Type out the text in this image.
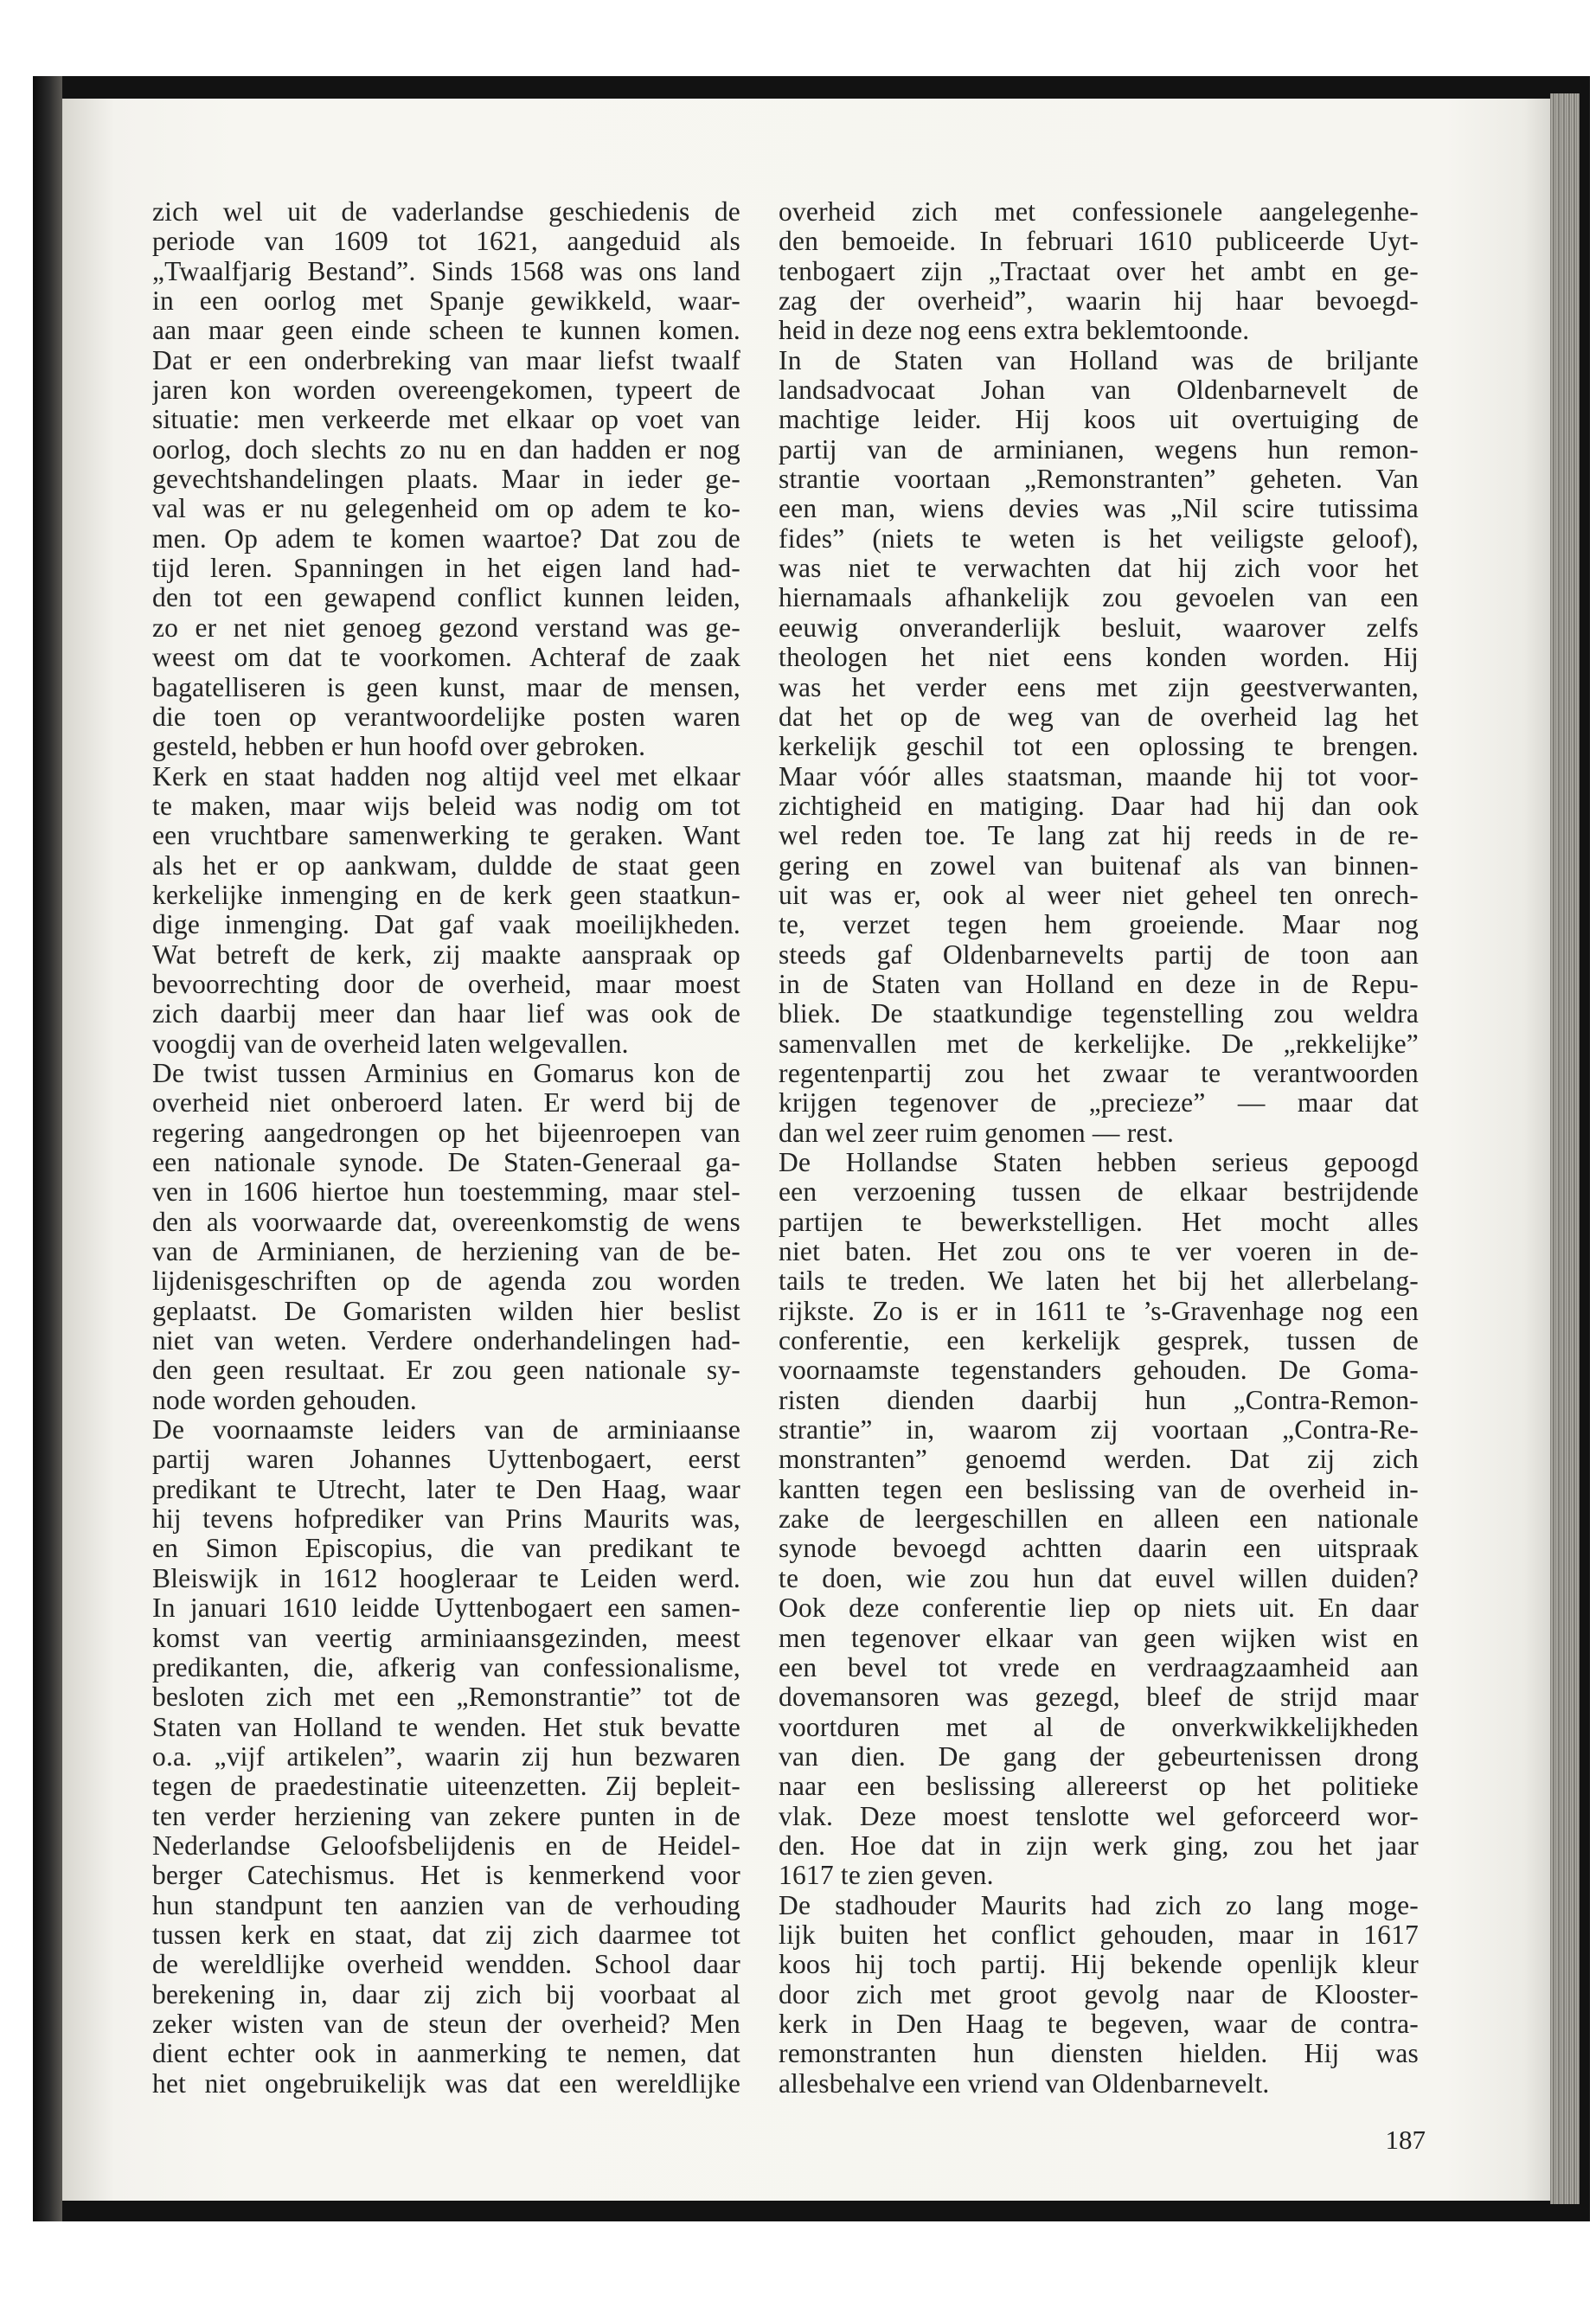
zich wel uit de vaderlandse geschiedenis de
periode van 1609 tot 1621, aangeduid als
„Twaalfjarig Bestand”. Sinds 1568 was ons land
in een oorlog met Spanje gewikkeld, waar-
aan maar geen einde scheen te kunnen komen.
Dat er een onderbreking van maar liefst twaalf
jaren kon worden overeengekomen, typeert de
situatie: men verkeerde met elkaar op voet van
oorlog, doch slechts zo nu en dan hadden er nog
gevechtshandelingen plaats. Maar in ieder ge-
val was er nu gelegenheid om op adem te ko-
men. Op adem te komen waartoe? Dat zou de
tijd leren. Spanningen in het eigen land had-
den tot een gewapend conflict kunnen leiden,
zo er net niet genoeg gezond verstand was ge-
weest om dat te voorkomen. Achteraf de zaak
bagatelliseren is geen kunst, maar de mensen,
die toen op verantwoordelijke posten waren
gesteld, hebben er hun hoofd over gebroken.
Kerk en staat hadden nog altijd veel met elkaar
te maken, maar wijs beleid was nodig om tot
een vruchtbare samenwerking te geraken. Want
als het er op aankwam, duldde de staat geen
kerkelijke inmenging en de kerk geen staatkun-
dige inmenging. Dat gaf vaak moeilijkheden.
Wat betreft de kerk, zij maakte aanspraak op
bevoorrechting door de overheid, maar moest
zich daarbij meer dan haar lief was ook de
voogdij van de overheid laten welgevallen.
De twist tussen Arminius en Gomarus kon de
overheid niet onberoerd laten. Er werd bij de
regering aangedrongen op het bijeenroepen van
een nationale synode. De Staten-Generaal ga-
ven in 1606 hiertoe hun toestemming, maar stel-
den als voorwaarde dat, overeenkomstig de wens
van de Arminianen, de herziening van de be-
lijdenisgeschriften op de agenda zou worden
geplaatst. De Gomaristen wilden hier beslist
niet van weten. Verdere onderhandelingen had-
den geen resultaat. Er zou geen nationale sy-
node worden gehouden.
De voornaamste leiders van de arminiaanse
partij waren Johannes Uyttenbogaert, eerst
predikant te Utrecht, later te Den Haag, waar
hij tevens hofprediker van Prins Maurits was,
en Simon Episcopius, die van predikant te
Bleiswijk in 1612 hoogleraar te Leiden werd.
In januari 1610 leidde Uyttenbogaert een samen-
komst van veertig arminiaansgezinden, meest
predikanten, die, afkerig van confessionalisme,
besloten zich met een „Remonstrantie” tot de
Staten van Holland te wenden. Het stuk bevatte
o.a. „vijf artikelen”, waarin zij hun bezwaren
tegen de praedestinatie uiteenzetten. Zij bepleit-
ten verder herziening van zekere punten in de
Nederlandse Geloofsbelijdenis en de Heidel-
berger Catechismus. Het is kenmerkend voor
hun standpunt ten aanzien van de verhouding
tussen kerk en staat, dat zij zich daarmee tot
de wereldlijke overheid wendden. School daar
berekening in, daar zij zich bij voorbaat al
zeker wisten van de steun der overheid? Men
dient echter ook in aanmerking te nemen, dat
het niet ongebruikelijk was dat een wereldlijke
overheid zich met confessionele aangelegenhe-
den bemoeide. In februari 1610 publiceerde Uyt-
tenbogaert zijn „Tractaat over het ambt en ge-
zag der overheid”, waarin hij haar bevoegd-
heid in deze nog eens extra beklemtoonde.
In de Staten van Holland was de briljante
landsadvocaat Johan van Oldenbarnevelt de
machtige leider. Hij koos uit overtuiging de
partij van de arminianen, wegens hun remon-
strantie voortaan „Remonstranten” geheten. Van
een man, wiens devies was „Nil scire tutissima
fides” (niets te weten is het veiligste geloof),
was niet te verwachten dat hij zich voor het
hiernamaals afhankelijk zou gevoelen van een
eeuwig onveranderlijk besluit, waarover zelfs
theologen het niet eens konden worden. Hij
was het verder eens met zijn geestverwanten,
dat het op de weg van de overheid lag het
kerkelijk geschil tot een oplossing te brengen.
Maar vóór alles staatsman, maande hij tot voor-
zichtigheid en matiging. Daar had hij dan ook
wel reden toe. Te lang zat hij reeds in de re-
gering en zowel van buitenaf als van binnen-
uit was er, ook al weer niet geheel ten onrech-
te, verzet tegen hem groeiende. Maar nog
steeds gaf Oldenbarnevelts partij de toon aan
in de Staten van Holland en deze in de Repu-
bliek. De staatkundige tegenstelling zou weldra
samenvallen met de kerkelijke. De „rekkelijke”
regentenpartij zou het zwaar te verantwoorden
krijgen tegenover de „precieze” — maar dat
dan wel zeer ruim genomen — rest.
De Hollandse Staten hebben serieus gepoogd
een verzoening tussen de elkaar bestrijdende
partijen te bewerkstelligen. Het mocht alles
niet baten. Het zou ons te ver voeren in de-
tails te treden. We laten het bij het allerbelang-
rijkste. Zo is er in 1611 te ’s-Gravenhage nog een
conferentie, een kerkelijk gesprek, tussen de
voornaamste tegenstanders gehouden. De Goma-
risten dienden daarbij hun „Contra-Remon-
strantie” in, waarom zij voortaan „Contra-Re-
monstranten” genoemd werden. Dat zij zich
kantten tegen een beslissing van de overheid in-
zake de leergeschillen en alleen een nationale
synode bevoegd achtten daarin een uitspraak
te doen, wie zou hun dat euvel willen duiden?
Ook deze conferentie liep op niets uit. En daar
men tegenover elkaar van geen wijken wist en
een bevel tot vrede en verdraagzaamheid aan
dovemansoren was gezegd, bleef de strijd maar
voortduren met al de onverkwikkelijkheden
van dien. De gang der gebeurtenissen drong
naar een beslissing allereerst op het politieke
vlak. Deze moest tenslotte wel geforceerd wor-
den. Hoe dat in zijn werk ging, zou het jaar
1617 te zien geven.
De stadhouder Maurits had zich zo lang moge-
lijk buiten het conflict gehouden, maar in 1617
koos hij toch partij. Hij bekende openlijk kleur
door zich met groot gevolg naar de Klooster-
kerk in Den Haag te begeven, waar de contra-
remonstranten hun diensten hielden. Hij was
allesbehalve een vriend van Oldenbarnevelt.
187
